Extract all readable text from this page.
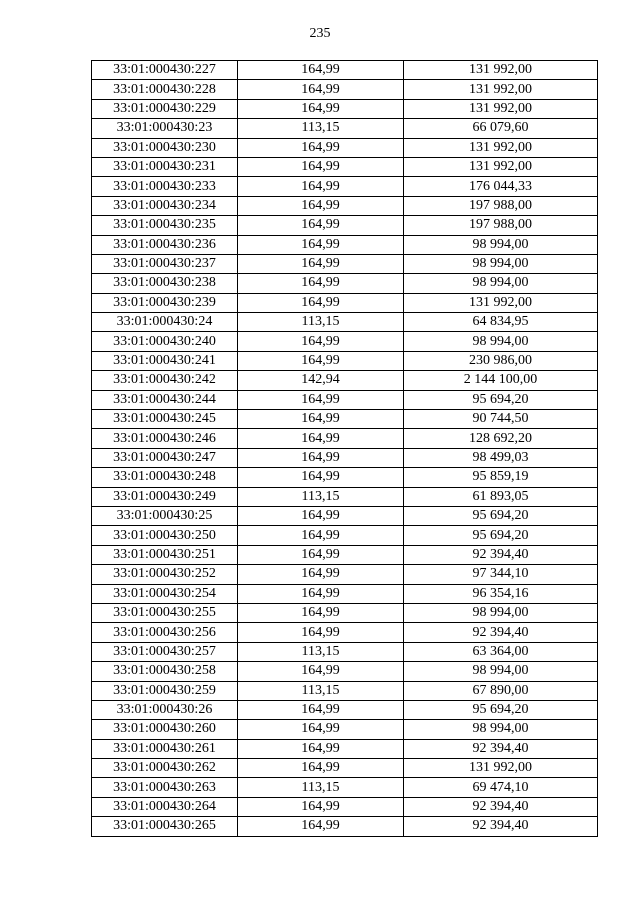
235
33:01:000430:227	164,99	131 992,00
33:01:000430:228	164,99	131 992,00
33:01:000430:229	164,99	131 992,00
33:01:000430:23	113,15	66 079,60
33:01:000430:230	164,99	131 992,00
33:01:000430:231	164,99	131 992,00
33:01:000430:233	164,99	176 044,33
33:01:000430:234	164,99	197 988,00
33:01:000430:235	164,99	197 988,00
33:01:000430:236	164,99	98 994,00
33:01:000430:237	164,99	98 994,00
33:01:000430:238	164,99	98 994,00
33:01:000430:239	164,99	131 992,00
33:01:000430:24	113,15	64 834,95
33:01:000430:240	164,99	98 994,00
33:01:000430:241	164,99	230 986,00
33:01:000430:242	142,94	2 144 100,00
33:01:000430:244	164,99	95 694,20
33:01:000430:245	164,99	90 744,50
33:01:000430:246	164,99	128 692,20
33:01:000430:247	164,99	98 499,03
33:01:000430:248	164,99	95 859,19
33:01:000430:249	113,15	61 893,05
33:01:000430:25	164,99	95 694,20
33:01:000430:250	164,99	95 694,20
33:01:000430:251	164,99	92 394,40
33:01:000430:252	164,99	97 344,10
33:01:000430:254	164,99	96 354,16
33:01:000430:255	164,99	98 994,00
33:01:000430:256	164,99	92 394,40
33:01:000430:257	113,15	63 364,00
33:01:000430:258	164,99	98 994,00
33:01:000430:259	113,15	67 890,00
33:01:000430:26	164,99	95 694,20
33:01:000430:260	164,99	98 994,00
33:01:000430:261	164,99	92 394,40
33:01:000430:262	164,99	131 992,00
33:01:000430:263	113,15	69 474,10
33:01:000430:264	164,99	92 394,40
33:01:000430:265	164,99	92 394,40
